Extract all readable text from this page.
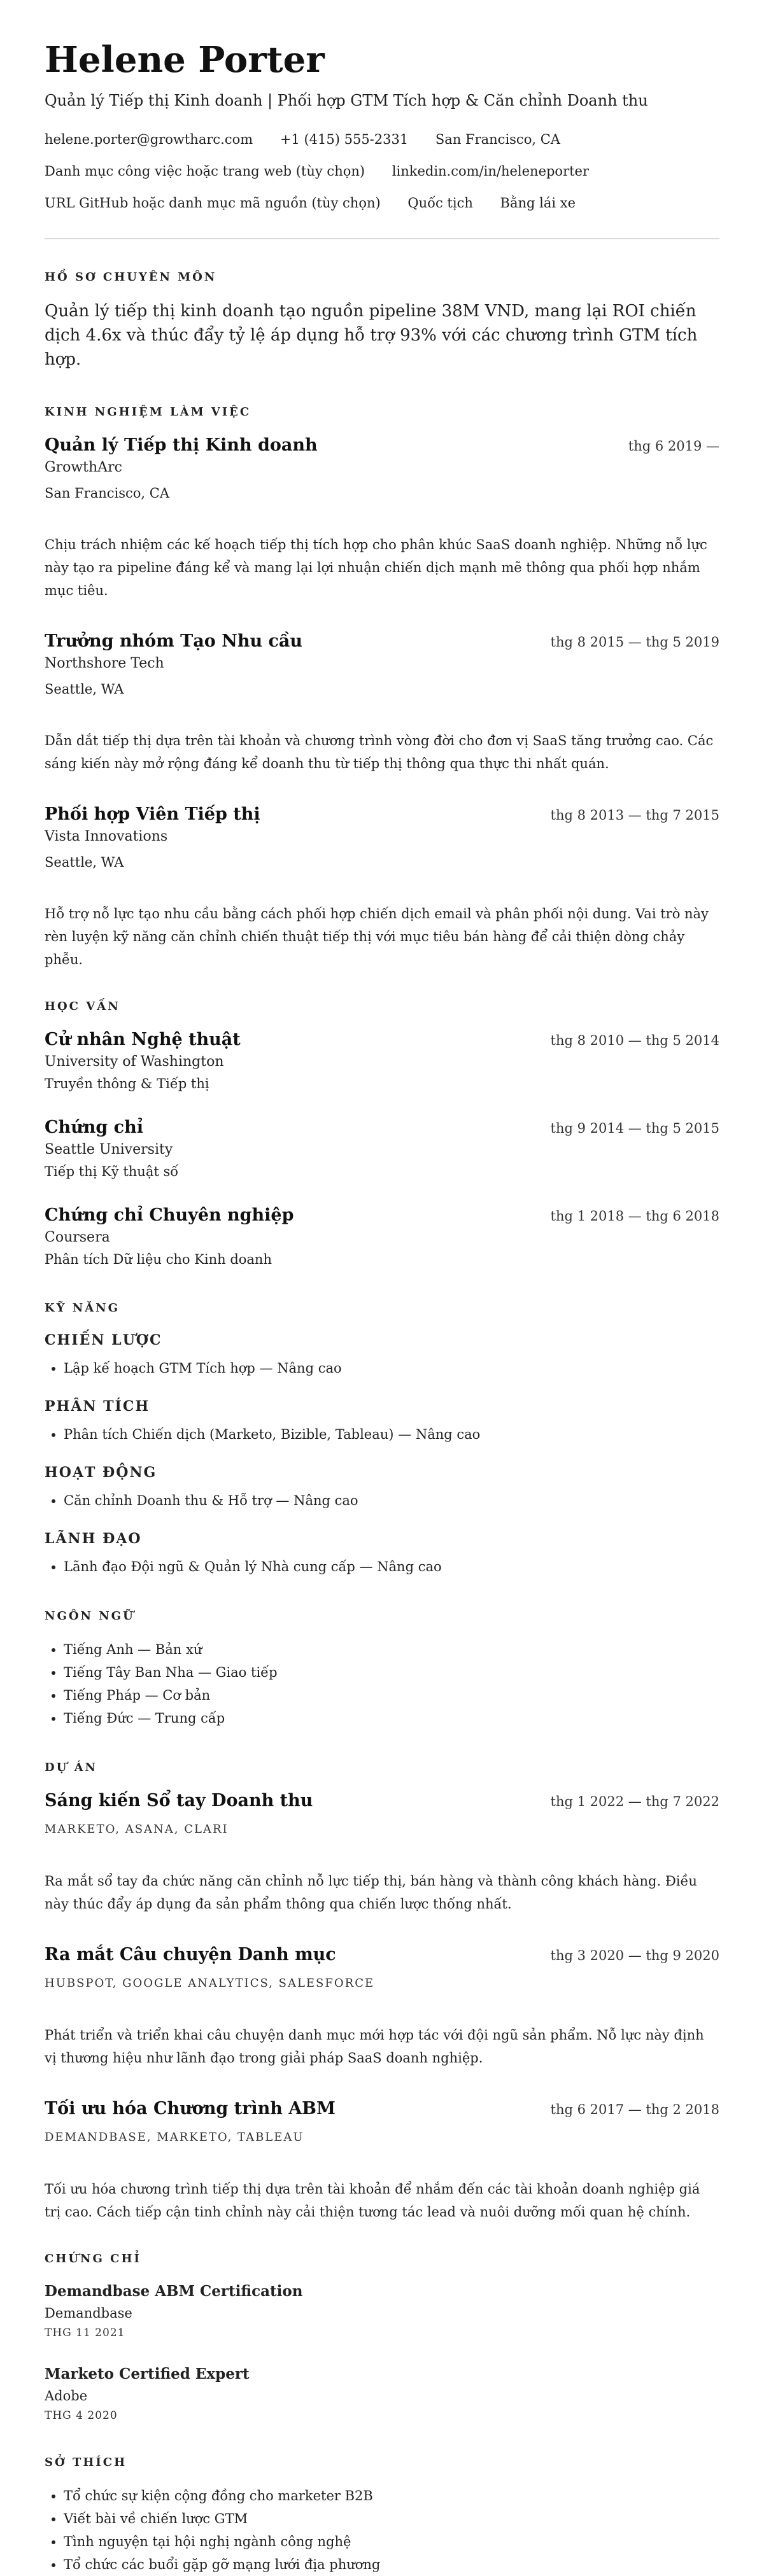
Helene Porter
Quản lý Tiếp thị Kinh doanh | Phối hợp GTM Tích hợp & Căn chỉnh Doanh thu
helene.porter@growtharc.com +1 (415) 555-2331 San Francisco, CA
Danh mục công việc hoặc trang web (tùy chọn) linkedin.com/in/heleneporter
URL GitHub hoặc danh mục mã nguồn (tùy chọn) Quốc tịch Bằng lái xe
HỒ SƠ CHUYÊN MÔN

Quản lý tiếp thị kinh doanh tạo nguồn pipeline 38M VND, mang lại ROI chiến dịch 4.6x và thúc đẩy tỷ lệ áp dụng hỗ trợ 93% với các chương trình GTM tích hợp.

KINH NGHIỆM LÀM VIỆC
Quản lý Tiếp thị Kinh doanh	thg 6 2019 —
GrowthArc
San Francisco, CA

Chịu trách nhiệm các kế hoạch tiếp thị tích hợp cho phân khúc SaaS doanh nghiệp. Những nỗ lực này tạo ra pipeline đáng kể và mang lại lợi nhuận chiến dịch mạnh mẽ thông qua phối hợp nhắm mục tiêu.

Trưởng nhóm Tạo Nhu cầu	thg 8 2015 — thg 5 2019
Northshore Tech
Seattle, WA

Dẫn dắt tiếp thị dựa trên tài khoản và chương trình vòng đời cho đơn vị SaaS tăng trưởng cao. Các sáng kiến này mở rộng đáng kể doanh thu từ tiếp thị thông qua thực thi nhất quán.

Phối hợp Viên Tiếp thị	thg 8 2013 — thg 7 2015
Vista Innovations
Seattle, WA

Hỗ trợ nỗ lực tạo nhu cầu bằng cách phối hợp chiến dịch email và phân phối nội dung. Vai trò này rèn luyện kỹ năng căn chỉnh chiến thuật tiếp thị với mục tiêu bán hàng để cải thiện dòng chảy phễu.

HỌC VẤN
Cử nhân Nghệ thuật	thg 8 2010 — thg 5 2014
University of Washington
Truyền thông & Tiếp thị
Chứng chỉ	thg 9 2014 — thg 5 2015
Seattle University
Tiếp thị Kỹ thuật số
Chứng chỉ Chuyên nghiệp	thg 1 2018 — thg 6 2018
Coursera
Phân tích Dữ liệu cho Kinh doanh
KỸ NĂNG
CHIẾN LƯỢC
• Lập kế hoạch GTM Tích hợp — Nâng cao
PHÂN TÍCH
• Phân tích Chiến dịch (Marketo, Bizible, Tableau) — Nâng cao
HOẠT ĐỘNG
• Căn chỉnh Doanh thu & Hỗ trợ — Nâng cao
LÃNH ĐẠO
• Lãnh đạo Đội ngũ & Quản lý Nhà cung cấp — Nâng cao
NGÔN NGỮ
• Tiếng Anh — Bản xứ
• Tiếng Tây Ban Nha — Giao tiếp
• Tiếng Pháp — Cơ bản
• Tiếng Đức — Trung cấp
DỰ ÁN
Sáng kiến Sổ tay Doanh thu	thg 1 2022 — thg 7 2022
MARKETO, ASANA, CLARI

Ra mắt sổ tay đa chức năng căn chỉnh nỗ lực tiếp thị, bán hàng và thành công khách hàng. Điều này thúc đẩy áp dụng đa sản phẩm thông qua chiến lược thống nhất.

Ra mắt Câu chuyện Danh mục	thg 3 2020 — thg 9 2020
HUBSPOT, GOOGLE ANALYTICS, SALESFORCE

Phát triển và triển khai câu chuyện danh mục mới hợp tác với đội ngũ sản phẩm. Nỗ lực này định vị thương hiệu như lãnh đạo trong giải pháp SaaS doanh nghiệp.

Tối ưu hóa Chương trình ABM	thg 6 2017 — thg 2 2018
DEMANDBASE, MARKETO, TABLEAU

Tối ưu hóa chương trình tiếp thị dựa trên tài khoản để nhắm đến các tài khoản doanh nghiệp giá trị cao. Cách tiếp cận tinh chỉnh này cải thiện tương tác lead và nuôi dưỡng mối quan hệ chính.

CHỨNG CHỈ
Demandbase ABM Certification
Demandbase
THG 11 2021
Marketo Certified Expert
Adobe
THG 4 2020
SỞ THÍCH
• Tổ chức sự kiện cộng đồng cho marketer B2B
• Viết bài về chiến lược GTM
• Tình nguyện tại hội nghị ngành công nghệ
• Tổ chức các buổi gặp gỡ mạng lưới địa phương
